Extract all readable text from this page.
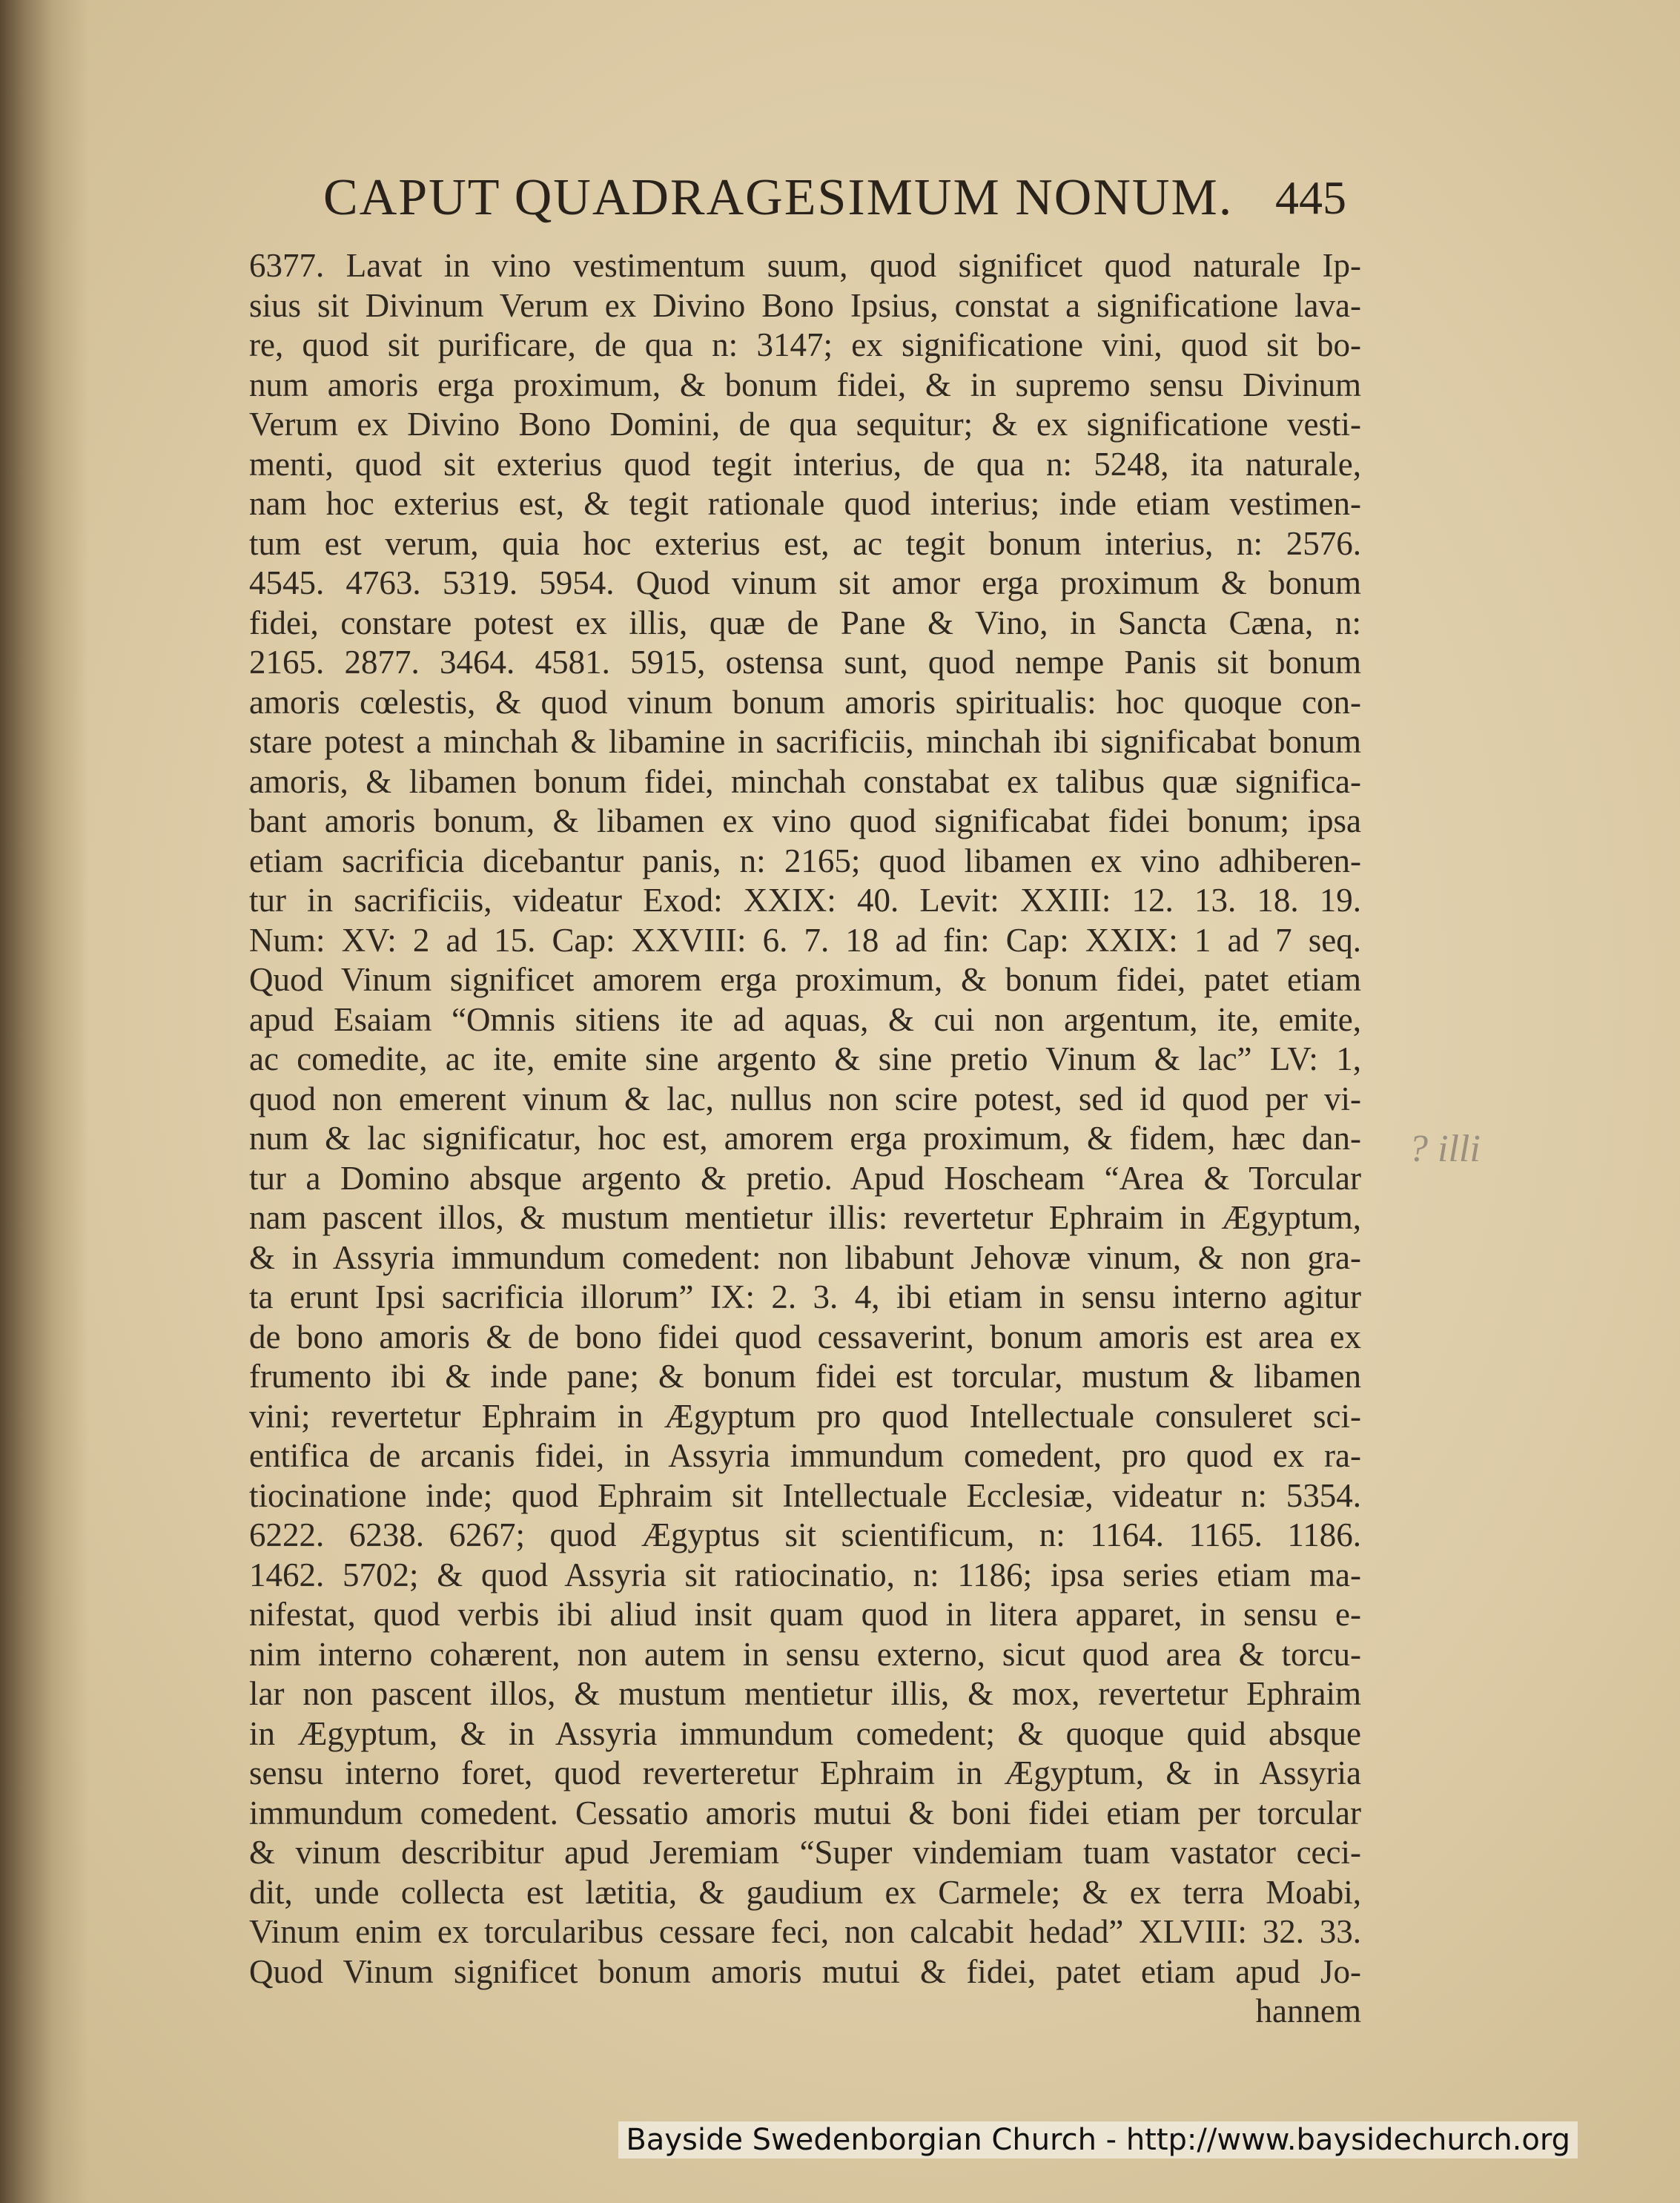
CAPUT QUADRAGESIMUM NONUM. 445
6377. Lavat in vino vestimentum suum, quod significet quod naturale Ip-
sius sit Divinum Verum ex Divino Bono Ipsius, constat a significatione lava-
re, quod sit purificare, de qua n: 3147; ex significatione vini, quod sit bo-
num amoris erga proximum, & bonum fidei, & in supremo sensu Divinum
Verum ex Divino Bono Domini, de qua sequitur; & ex significatione vesti-
menti, quod sit exterius quod tegit interius, de qua n: 5248, ita naturale,
nam hoc exterius est, & tegit rationale quod interius; inde etiam vestimen-
tum est verum, quia hoc exterius est, ac tegit bonum interius, n: 2576.
4545. 4763. 5319. 5954. Quod vinum sit amor erga proximum & bonum
fidei, constare potest ex illis, quæ de Pane & Vino, in Sancta Cæna, n:
2165. 2877. 3464. 4581. 5915, ostensa sunt, quod nempe Panis sit bonum
amoris cœlestis, & quod vinum bonum amoris spiritualis: hoc quoque con-
stare potest a minchah & libamine in sacrificiis, minchah ibi significabat bonum
amoris, & libamen bonum fidei, minchah constabat ex talibus quæ significa-
bant amoris bonum, & libamen ex vino quod significabat fidei bonum; ipsa
etiam sacrificia dicebantur panis, n: 2165; quod libamen ex vino adhiberen-
tur in sacrificiis, videatur Exod: XXIX: 40. Levit: XXIII: 12. 13. 18. 19.
Num: XV: 2 ad 15. Cap: XXVIII: 6. 7. 18 ad fin: Cap: XXIX: 1 ad 7 seq.
Quod Vinum significet amorem erga proximum, & bonum fidei, patet etiam
apud Esaiam “Omnis sitiens ite ad aquas, & cui non argentum, ite, emite,
ac comedite, ac ite, emite sine argento & sine pretio Vinum & lac” LV: 1,
quod non emerent vinum & lac, nullus non scire potest, sed id quod per vi-
num & lac significatur, hoc est, amorem erga proximum, & fidem, hæc dan-
tur a Domino absque argento & pretio. Apud Hoscheam “Area & Torcular
nam pascent illos, & mustum mentietur illis: revertetur Ephraim in Ægyptum,
& in Assyria immundum comedent: non libabunt Jehovæ vinum, & non gra-
ta erunt Ipsi sacrificia illorum” IX: 2. 3. 4, ibi etiam in sensu interno agitur
de bono amoris & de bono fidei quod cessaverint, bonum amoris est area ex
frumento ibi & inde pane; & bonum fidei est torcular, mustum & libamen
vini; revertetur Ephraim in Ægyptum pro quod Intellectuale consuleret sci-
entifica de arcanis fidei, in Assyria immundum comedent, pro quod ex ra-
tiocinatione inde; quod Ephraim sit Intellectuale Ecclesiæ, videatur n: 5354.
6222. 6238. 6267; quod Ægyptus sit scientificum, n: 1164. 1165. 1186.
1462. 5702; & quod Assyria sit ratiocinatio, n: 1186; ipsa series etiam ma-
nifestat, quod verbis ibi aliud insit quam quod in litera apparet, in sensu e-
nim interno cohærent, non autem in sensu externo, sicut quod area & torcu-
lar non pascent illos, & mustum mentietur illis, & mox, revertetur Ephraim
in Ægyptum, & in Assyria immundum comedent; & quoque quid absque
sensu interno foret, quod reverteretur Ephraim in Ægyptum, & in Assyria
immundum comedent. Cessatio amoris mutui & boni fidei etiam per torcular
& vinum describitur apud Jeremiam “Super vindemiam tuam vastator ceci-
dit, unde collecta est lætitia, & gaudium ex Carmele; & ex terra Moabi,
Vinum enim ex torcularibus cessare feci, non calcabit hedad” XLVIII: 32. 33.
Quod Vinum significet bonum amoris mutui & fidei, patet etiam apud Jo-
hannem
? illi
Bayside Swedenborgian Church - http://www.baysidechurch.org
